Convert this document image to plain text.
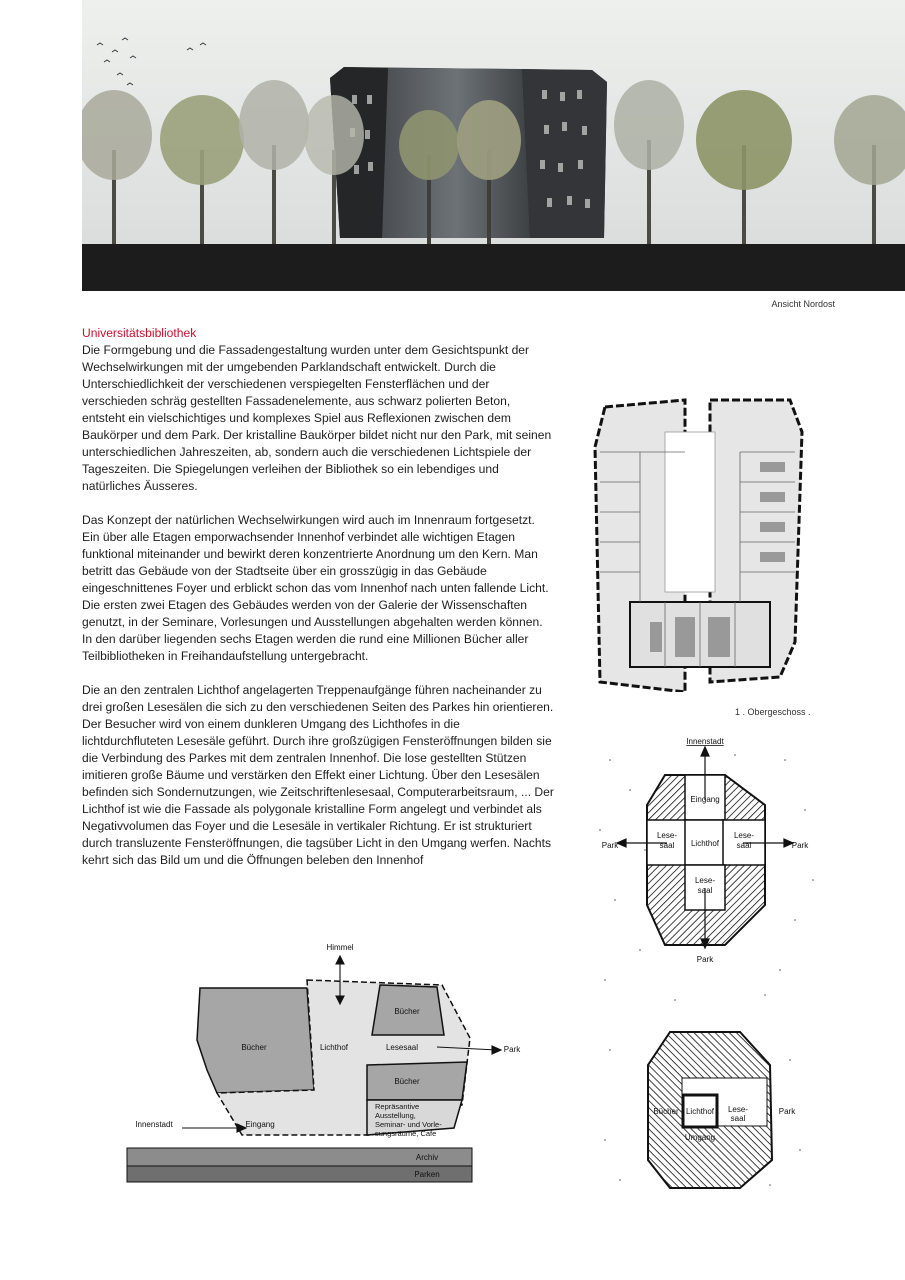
Ansicht Nordost
Universitätsbibliothek

Die Formgebung und die Fassadengestaltung wurden unter dem Gesichtspunkt der Wechselwirkungen mit der umgebenden Parklandschaft entwickelt. Durch die Unterschiedlichkeit der verschiedenen verspiegelten Fensterflächen und der verschieden schräg gestellten Fassadenelemente, aus schwarz polierten Beton, entsteht ein vielschichtiges und komplexes Spiel aus Reflexionen zwischen dem Baukörper und dem Park. Der kristalline Baukörper bildet nicht nur den Park, mit seinen unterschiedlichen Jahreszeiten, ab, sondern auch die verschiedenen Lichtspiele der Tageszeiten. Die Spiegelungen verleihen der Bibliothek so ein lebendiges und natürliches Äusseres.

Das Konzept der natürlichen Wechselwirkungen wird auch im Innenraum fortgesetzt. Ein über alle Etagen emporwachsender Innenhof verbindet alle wichtigen Etagen funktional miteinander und bewirkt deren konzentrierte Anordnung um den Kern. Man betritt das Gebäude von der Stadtseite über ein grosszügig in das Gebäude eingeschnittenes Foyer und erblickt schon das vom Innenhof nach unten fallende Licht. Die ersten zwei Etagen des Gebäudes werden von der Galerie der Wissenschaften genutzt, in der Seminare, Vorlesungen und Ausstellungen abgehalten werden können. In den darüber liegenden sechs Etagen werden die rund eine Millionen Bücher aller Teilbibliotheken in Freihandaufstellung untergebracht.

Die an den zentralen Lichthof angelagerten Treppenaufgänge führen nacheinander zu drei großen Lesesälen die sich zu den verschiedenen Seiten des Parkes hin orientieren. Der Besucher wird von einem dunkleren Umgang des Lichthofes in die lichtdurchfluteten Lesesäle geführt. Durch ihre großzügigen Fensteröffnungen bilden sie die Verbindung des Parkes mit dem zentralen Innenhof. Die lose gestellten Stützen imitieren große Bäume und verstärken den Effekt einer Lichtung. Über den Lesesälen befinden sich Sondernutzungen, wie Zeitschriftenlesesaal, Computerarbeitsraum, ... Der Lichthof ist wie die Fassade als polygonale kristalline Form angelegt und verbindet als Negativvolumen das Foyer und die Lesesäle in vertikaler Richtung. Er ist strukturiert durch transluzente Fensteröffnungen, die tagsüber Licht in den Umgang werfen. Nachts kehrt sich das Bild um und die Öffnungen beleben den Innenhof

1 . Obergeschoss .
Innenstadt
Eingang
Park	Park
Park
Lese-
saal
Lese-
saal
Lichthof
Lese-
saal
Bücher Lichthof Lese-
saal
Umgang
Park
Himmel
Bücher	Lichthof
Bücher
Lesesaal	Park
Bücher
Eingang
Innenstadt
Archiv
Parken
Repräsantive
Ausstellung,
Seminar- und Vorle-
sungsräume, Cafe
